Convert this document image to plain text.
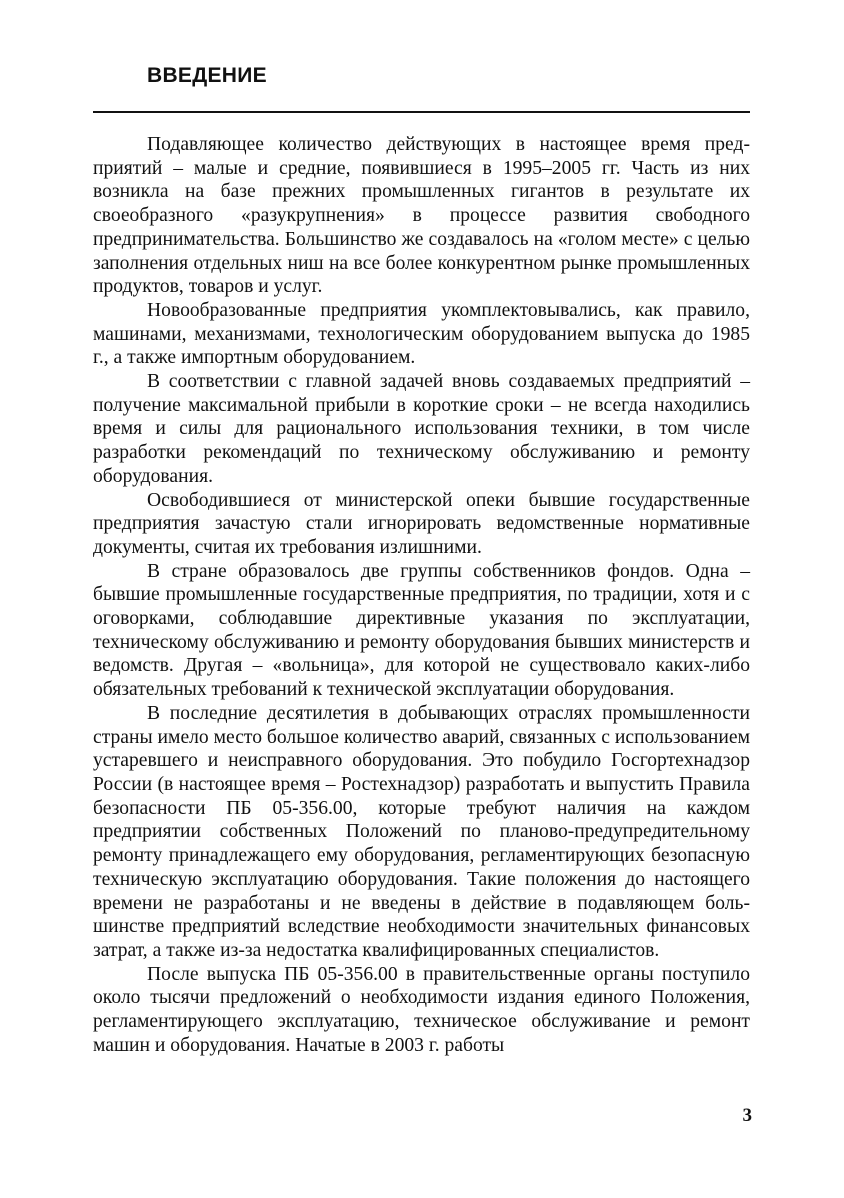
ВВЕДЕНИЕ

Подавляющее количество действующих в настоящее время предприятий – малые и средние, появившиеся в 1995–2005 гг. Часть из них возникла на базе прежних промышленных гигантов в результате их своеобразного «разукрупнения» в процессе развития свободного предпринимательства. Большинство же создавалось на «голом месте» с целью заполнения отдельных ниш на все более конкурентном рынке промышленных продуктов, товаров и услуг.

Новообразованные предприятия укомплектовывались, как правило, машинами, механизмами, технологическим оборудованием выпуска до 1985 г., а также импортным оборудованием.

В соответствии с главной задачей вновь создаваемых предприятий – получение максимальной прибыли в короткие сроки – не всегда находились время и силы для рационального использования техники, в том числе разработки рекомендаций по техническому обслуживанию и ремонту оборудования.

Освободившиеся от министерской опеки бывшие государственные предприятия зачастую стали игнорировать ведомственные нормативные документы, считая их требования излишними.

В стране образовалось две группы собственников фондов. Одна – бывшие промышленные государственные предприятия, по традиции, хотя и с оговорками, соблюдавшие директивные указания по эксплуатации, техническому обслуживанию и ремонту оборудования бывших министерств и ведомств. Другая – «вольница», для которой не существовало каких-либо обязательных требований к технической эксплуатации оборудования.

В последние десятилетия в добывающих отраслях промышленности страны имело место большое количество аварий, связанных с использованием устаревшего и неисправного оборудования. Это побудило Госгортехнадзор России (в настоящее время – Ростехнадзор) разработать и выпустить Правила безопасности ПБ 05-356.00, которые требуют наличия на каждом предприятии собственных Положений по планово-предупредительному ремонту принадлежащего ему оборудования, регламентирующих безопасную техническую эксплуатацию оборудования. Такие положения до настоящего времени не разработаны и не введены в действие в подавляющем большинстве предприятий вследствие необходимости значительных финансовых затрат, а также из-за недостатка квалифицированных специалистов.

После выпуска ПБ 05-356.00 в правительственные органы поступило около тысячи предложений о необходимости издания единого Положения, регламентирующего эксплуатацию, техническое обслуживание и ремонт машин и оборудования. Начатые в 2003 г. работы

3
